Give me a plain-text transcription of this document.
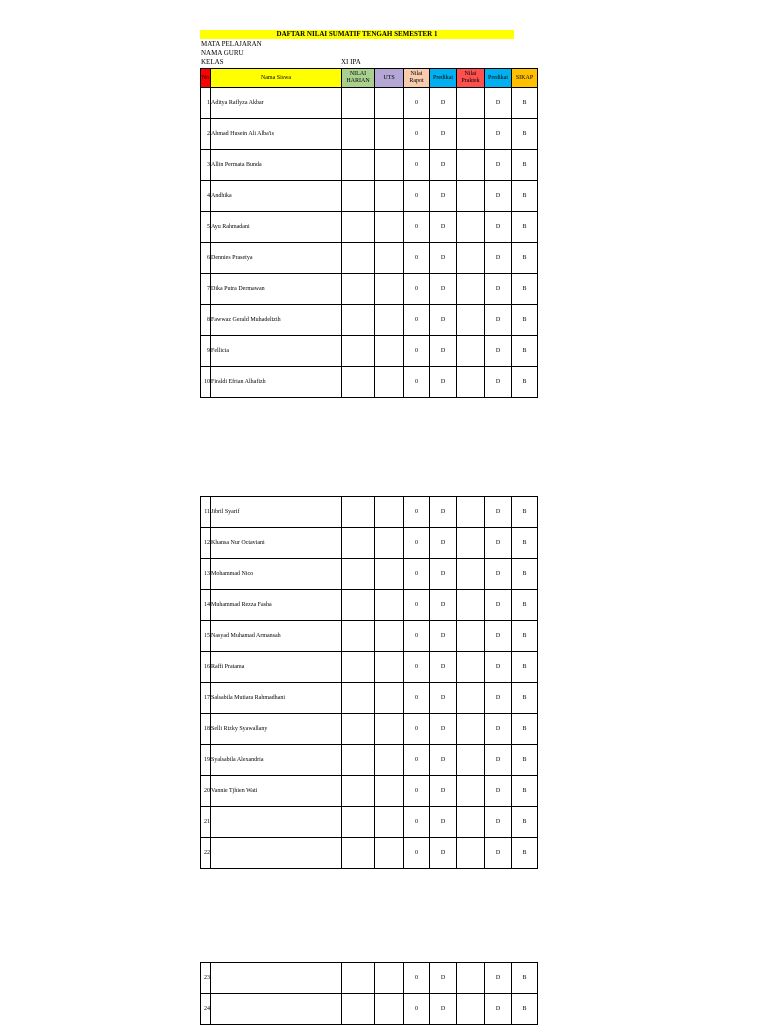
DAFTAR NILAI SUMATIF TENGAH SEMESTER 1
MATA PELAJARAN
NAMA GURU
KELAS	XI IPA
No	Nama Siswa	NILAI HARIAN	UTS	Nilai Rapot	Predikat	Nilai Praktek	Predikat	SIKAP
1	Aditya Raflyza Akbar			0	D		D	B
2	Ahmad Husein Ali Alba'is			0	D		D	B
3	Allin Permata Bunda			0	D		D	B
4	Andhika			0	D		D	B
5	Ayu Rahmadani			0	D		D	B
6	Dennies Prasetya			0	D		D	B
7	Dika Putra Dermawan			0	D		D	B
8	Fawwaz Gerald Muhadeltzih			0	D		D	B
9	Fellicia			0	D		D	B
10	Firaldi Efrian Alhafizh			0	D		D	B
11	Jibril Syarif			0	D		D	B
12	Khansa Nur Octaviani			0	D		D	B
13	Mohammad Nico			0	D		D	B
14	Muhammad Rezza Fasha			0	D		D	B
15	Nasyad Muhamad Armansah			0	D		D	B
16	Raffi Pratama			0	D		D	B
17	Salsabila Mutiara Rahmadhani			0	D		D	B
18	Selli Rizky Syawallany			0	D		D	B
19	Syalsabila Alexandria			0	D		D	B
20	Vannie Tjhien Wati			0	D		D	B
21				0	D		D	B
22				0	D		D	B
23				0	D		D	B
24				0	D		D	B
